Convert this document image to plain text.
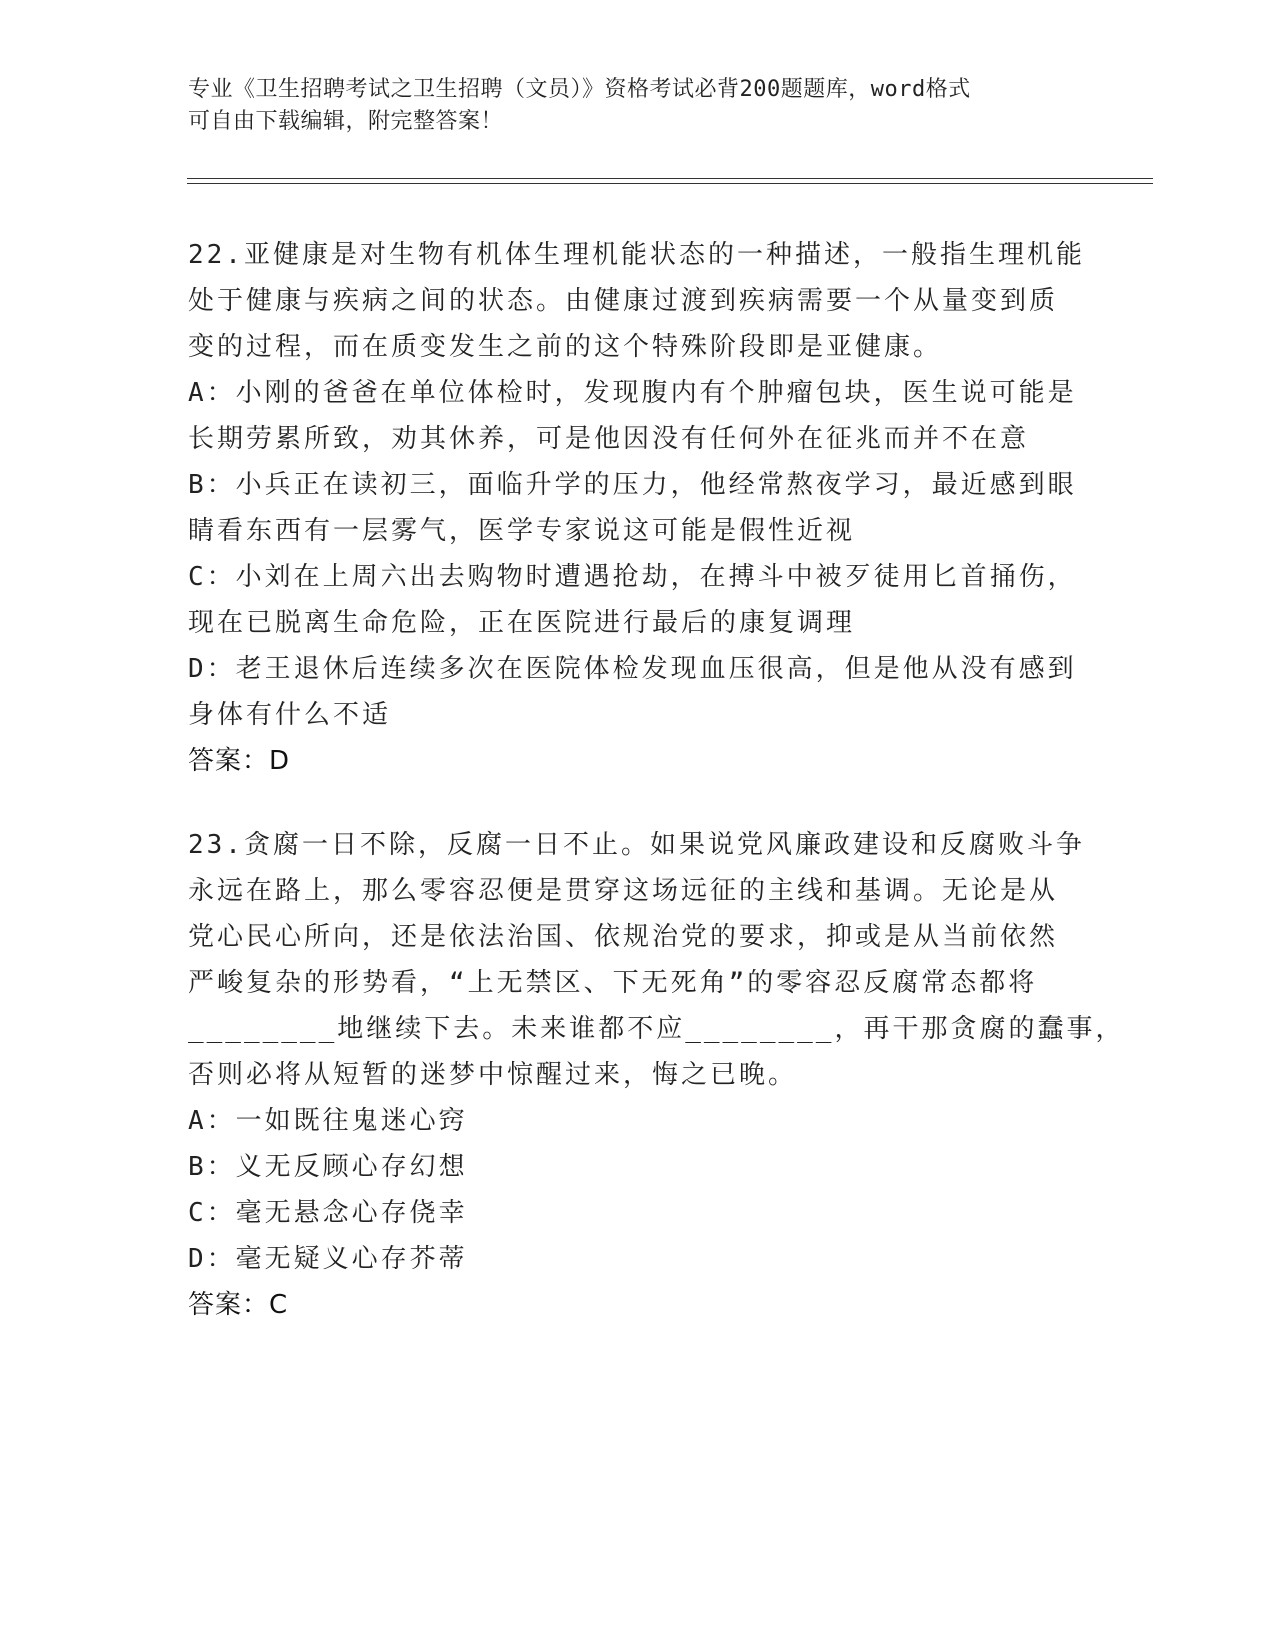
专业《卫生招聘考试之卫生招聘（文员）》资格考试必背200题题库，word格式
可自由下载编辑，附完整答案！
22.亚健康是对生物有机体生理机能状态的一种描述，一般指生理机能
处于健康与疾病之间的状态。由健康过渡到疾病需要一个从量变到质
变的过程，而在质变发生之前的这个特殊阶段即是亚健康。
A：小刚的爸爸在单位体检时，发现腹内有个肿瘤包块，医生说可能是
长期劳累所致，劝其休养，可是他因没有任何外在征兆而并不在意
B：小兵正在读初三，面临升学的压力，他经常熬夜学习，最近感到眼
睛看东西有一层雾气，医学专家说这可能是假性近视
C：小刘在上周六出去购物时遭遇抢劫，在搏斗中被歹徒用匕首捅伤，
现在已脱离生命危险，正在医院进行最后的康复调理
D：老王退休后连续多次在医院体检发现血压很高，但是他从没有感到
身体有什么不适
答案：D
23.贪腐一日不除，反腐一日不止。如果说党风廉政建设和反腐败斗争
永远在路上，那么零容忍便是贯穿这场远征的主线和基调。无论是从
党心民心所向，还是依法治国、依规治党的要求，抑或是从当前依然
严峻复杂的形势看，“上无禁区、下无死角”的零容忍反腐常态都将
________地继续下去。未来谁都不应________，再干那贪腐的蠢事，
否则必将从短暂的迷梦中惊醒过来，悔之已晚。
A：一如既往鬼迷心窍
B：义无反顾心存幻想
C：毫无悬念心存侥幸
D：毫无疑义心存芥蒂
答案：C
